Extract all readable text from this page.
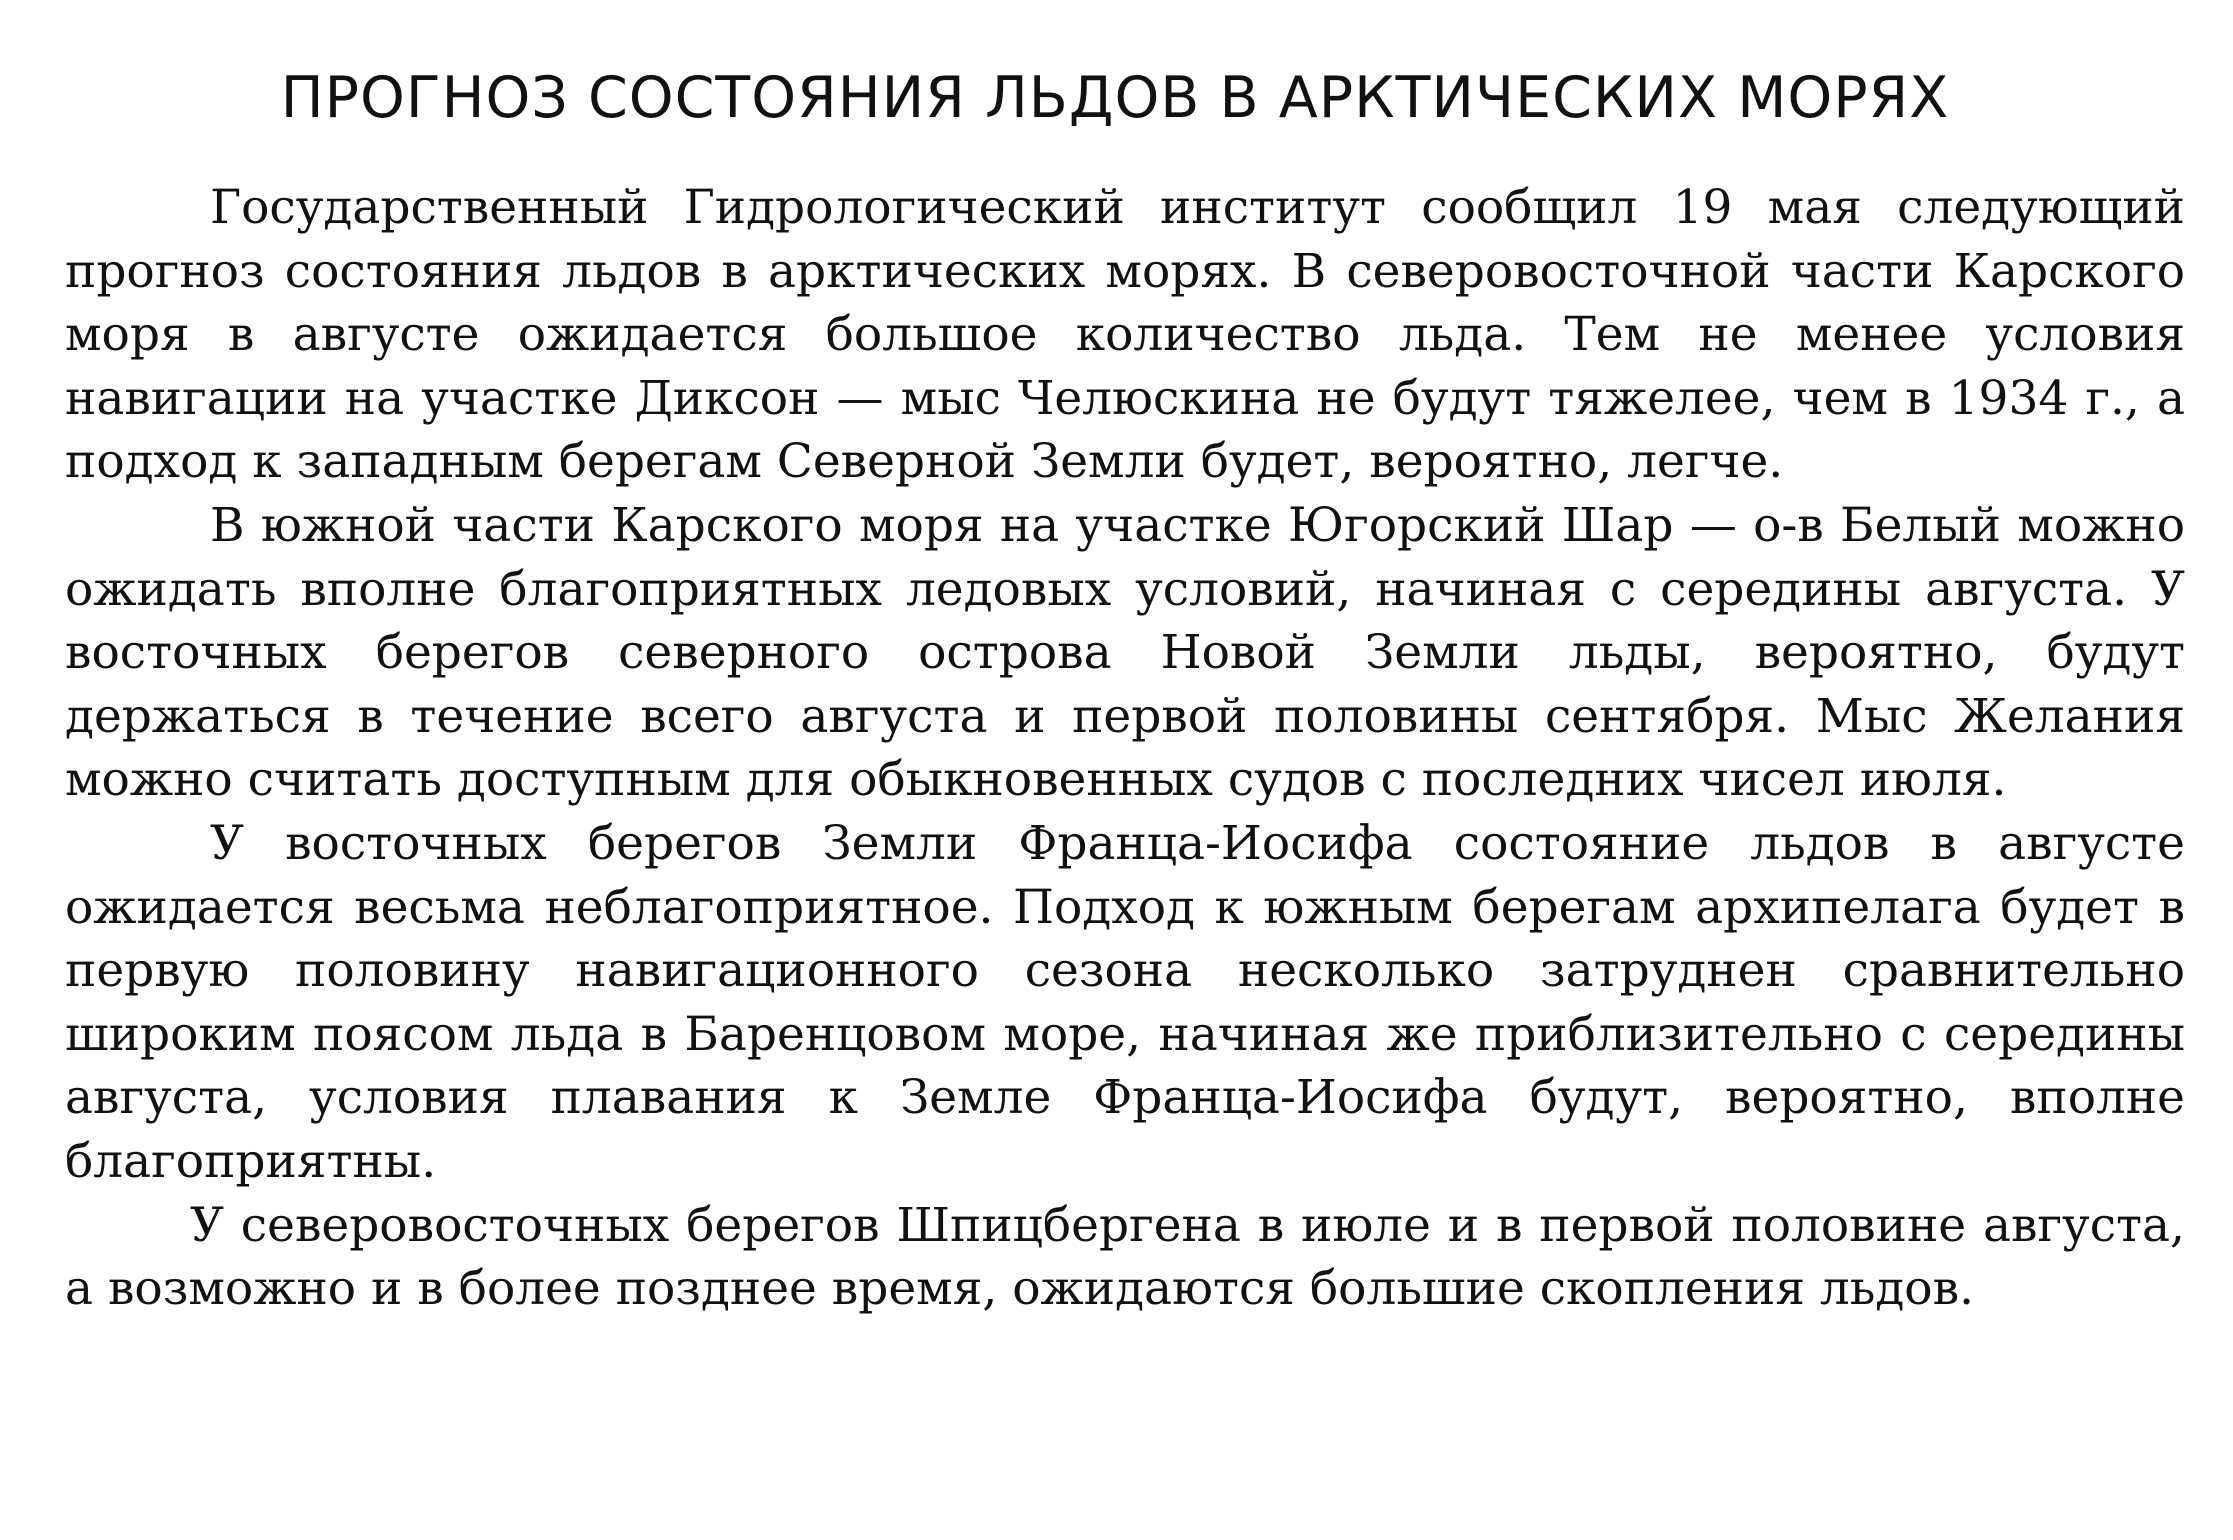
ПРОГНОЗ СОСТОЯНИЯ ЛЬДОВ В АРКТИЧЕСКИХ МОРЯХ

Государственный Гидрологический институт сообщил 19 мая следующий прогноз состояния льдов в арктических морях. В северовосточной части Карского моря в августе ожидается большое количество льда. Тем не менее условия навигации на участке Диксон — мыс Челюскина не будут тяжелее, чем в 1934 г., а подход к западным берегам Северной Земли будет, вероятно, легче.

В южной части Карского моря на участке Югорский Шар — о-в Белый можно ожидать вполне благоприятных ледовых условий, начиная с середины августа. У восточных берегов северного острова Новой Земли льды, вероятно, будут держаться в течение всего августа и первой половины сентября. Мыс Желания можно считать доступным для обыкновенных судов с последних чисел июля.

У восточных берегов Земли Франца-Иосифа состояние льдов в августе ожидается весьма неблагоприятное. Подход к южным берегам архипелага будет в первую половину навигационного сезона несколько затруднен сравнительно широким поясом льда в Баренцовом море, начиная же приблизительно с середины августа, условия плавания к Земле Франца-Иосифа будут, вероятно, вполне благоприятны.

У северовосточных берегов Шпицбергена в июле и в первой половине августа, а возможно и в более позднее время, ожидаются большие скопления льдов.
